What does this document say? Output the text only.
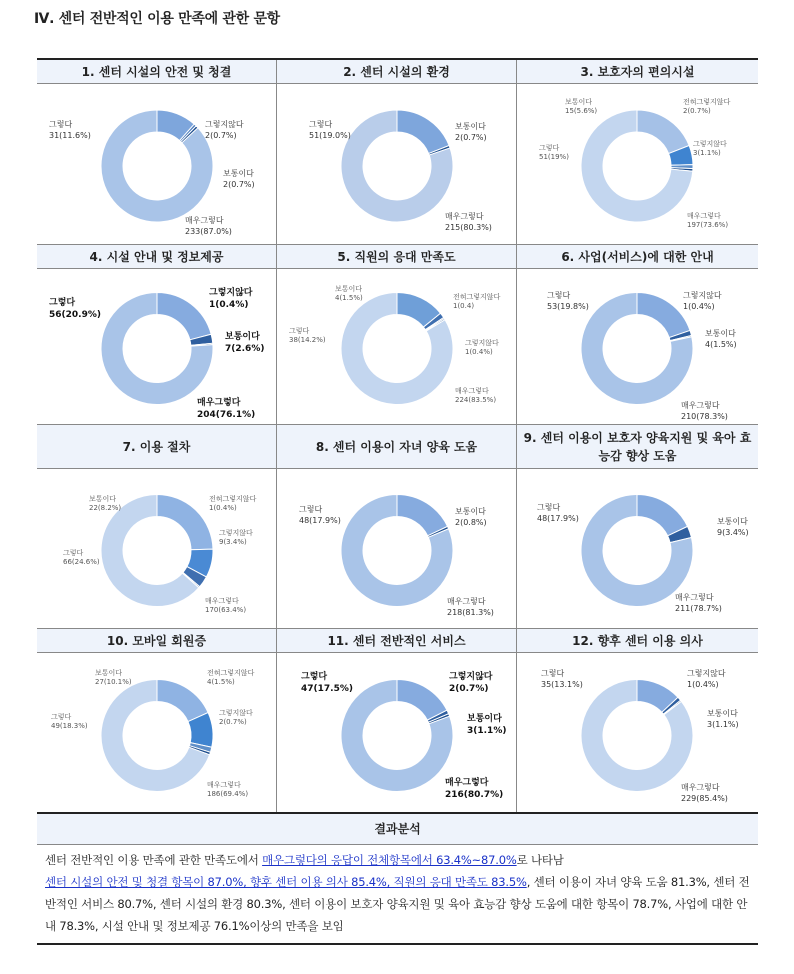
Ⅳ. 센터 전반적인 이용 만족에 관한 문항
1. 센터 시설의 안전 및 청결
매우그렇다
233(87.0%)
그렇다
31(11.6%)
보통이다
2(0.7%)
그렇지않다
2(0.7%)
2. 센터 시설의 환경
매우그렇다
215(80.3%)
그렇다
51(19.0%)
보통이다
2(0.7%)
3. 보호자의 편의시설
매우그렇다
197(73.6%)
그렇다
51(19%)
보통이다
15(5.6%)
그렇지않다
3(1.1%)
전혀그렇지않다
2(0.7%)
4. 시설 안내 및 정보제공
매우그렇다
204(76.1%)
그렇다
56(20.9%)
보통이다
7(2.6%)
그렇지않다
1(0.4%)
5. 직원의 응대 만족도
매우그렇다
224(83.5%)
그렇다
38(14.2%)
보통이다
4(1.5%)
그렇지않다
1(0.4%)
전혀그렇지않다
1(0.4)
6. 사업(서비스)에 대한 안내
매우그렇다
210(78.3%)
그렇다
53(19.8%)
보통이다
4(1.5%)
그렇지않다
1(0.4%)
7. 이용 절차
매우그렇다
170(63.4%)
그렇다
66(24.6%)
보통이다
22(8.2%)
그렇지않다
9(3.4%)
전혀그렇지않다
1(0.4%)
8. 센터 이용이 자녀 양육 도움
매우그렇다
218(81.3%)
그렇다
48(17.9%)
보통이다
2(0.8%)
9. 센터 이용이 보호자 양육지원 및 육아 효능감 향상 도움
매우그렇다
211(78.7%)
그렇다
48(17.9%)	보통이다
9(3.4%)
10. 모바일 회원증
매우그렇다
186(69.4%)
그렇다
49(18.3%)
보통이다
27(10.1%)
그렇지않다
2(0.7%)
전혀그렇지않다
4(1.5%)
11. 센터 전반적인 서비스
매우그렇다
216(80.7%)
그렇다
47(17.5%)
보통이다
3(1.1%)
그렇지않다
2(0.7%)
12. 향후 센터 이용 의사
매우그렇다
229(85.4%)
그렇다
35(13.1%)
보통이다
3(1.1%)
그렇지않다
1(0.4%)
결과분석
센터 전반적인 이용 만족에 관한 만족도에서 매우그렇다의 응답이 전체항목에서 63.4%~87.0%로 나타남
센터 시설의 안전 및 청결 항목이 87.0%, 향후 센터 이용 의사 85.4%, 직원의 응대 만족도 83.5%, 센터 이용이 자녀 양육 도움 81.3%, 센터 전반적인 서비스 80.7%, 센터 시설의 환경 80.3%, 센터 이용이 보호자 양육지원 및 육아 효능감 향상 도움에 대한 항목이 78.7%, 사업에 대한 안내 78.3%, 시설 안내 및 정보제공 76.1%이상의 만족을 보임
